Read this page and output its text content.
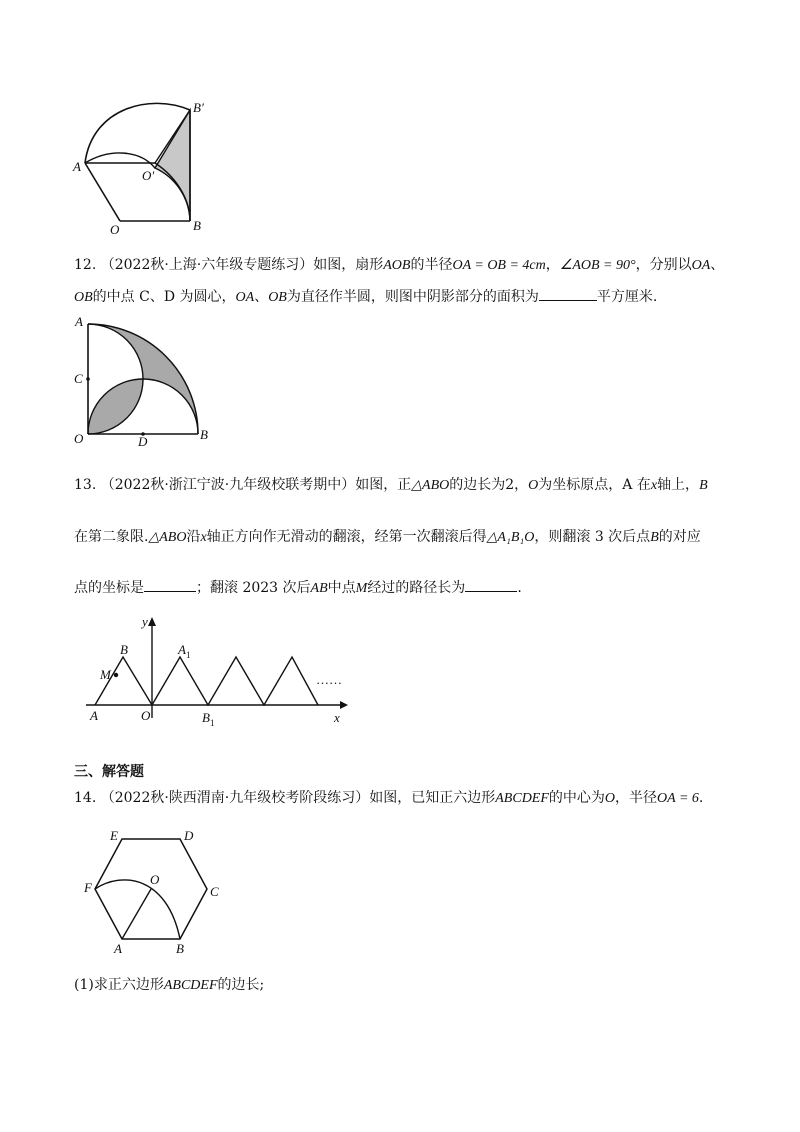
B′
A
O′
O	B
12. （2022秋·上海·六年级专题练习）如图，扇形AOB的半径OA = OB = 4cm，∠AOB = 90°，分别以OA、
OB的中点 C、D 为圆心，OA、OB为直径作半圆，则图中阴影部分的面积为	平方厘米.
A
C
O	D	B
13. （2022秋·浙江宁波·九年级校联考期中）如图，正△ABO的边长为2，O为坐标原点，A 在x轴上，B
在第二象限.△ABO沿x轴正方向作无滑动的翻滚，经第一次翻滚后得△A₁B₁O，则翻滚 3 次后点B的对应
点的坐标是	；翻滚 2023 次后AB中点M经过的路径长为	.
y
B	$A_1$
M
O
A	$B_1$	x
……
三、解答题
14. （2022秋·陕西渭南·九年级校考阶段练习）如图，已知正六边形ABCDEF的中心为O，半径OA = 6.
E	D
F
O
C
A	B
(1)求正六边形ABCDEF的边长;
